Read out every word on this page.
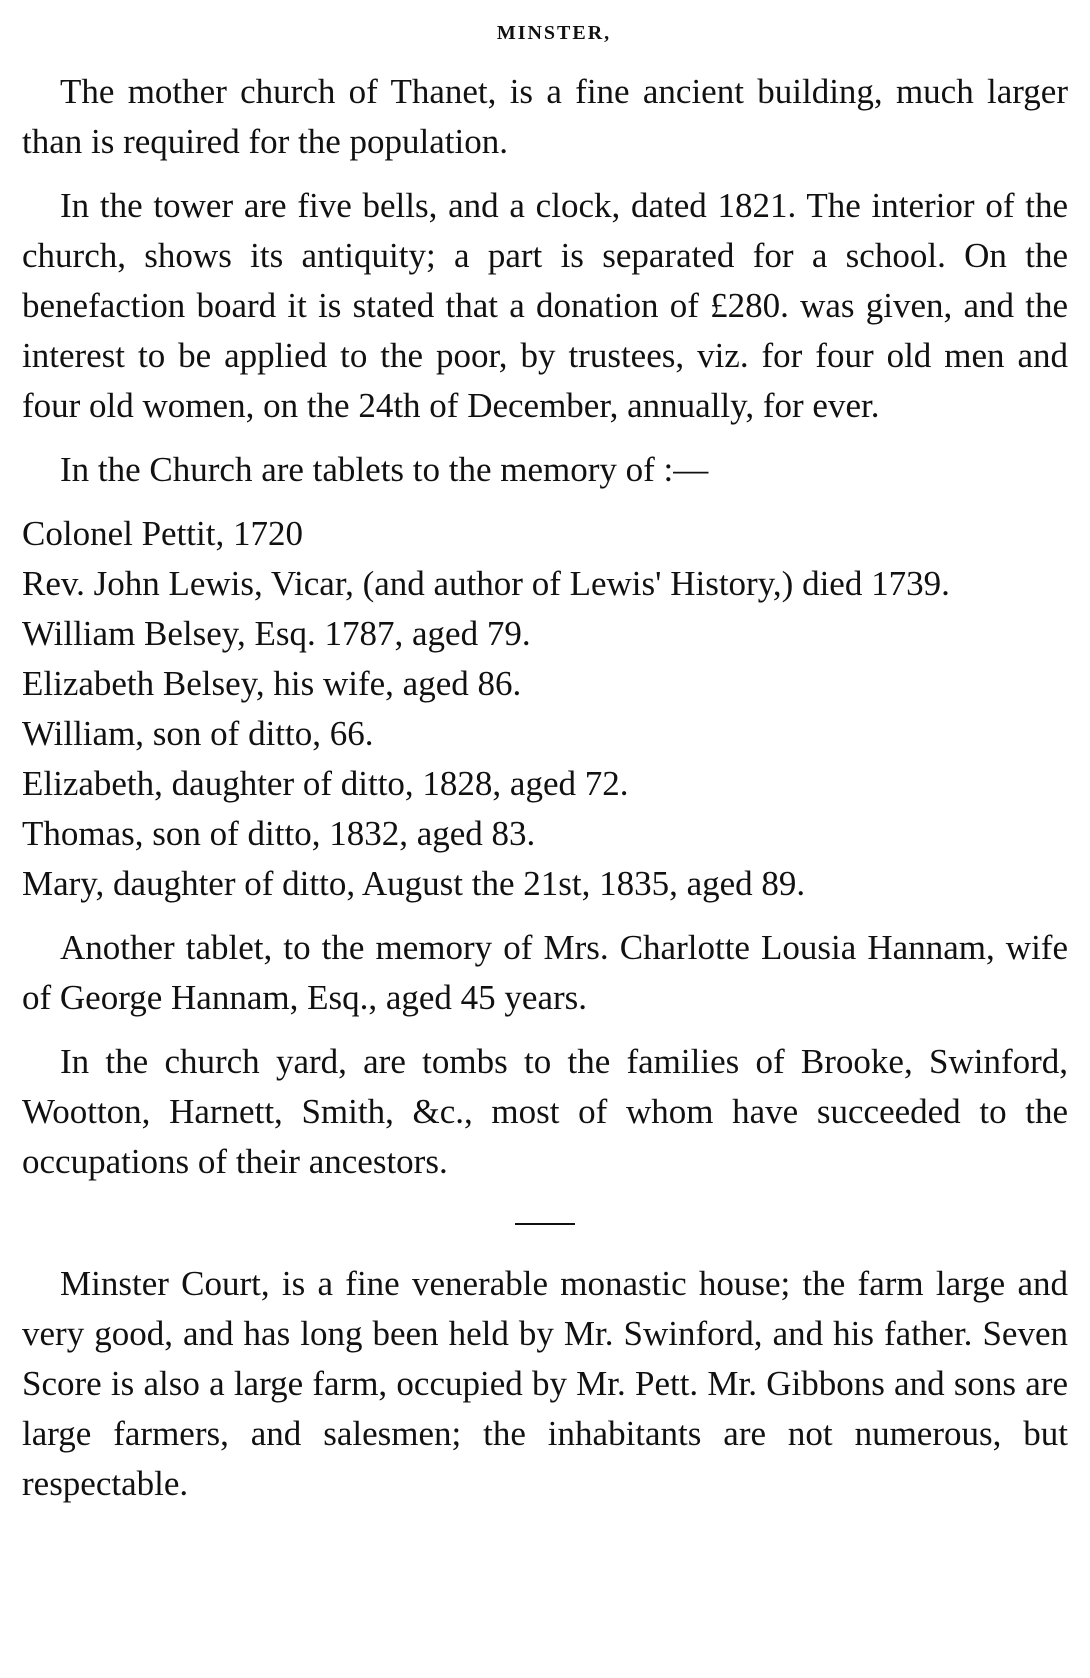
MINSTER,

The mother church of Thanet, is a fine ancient building, much larger than is required for the population.

In the tower are five bells, and a clock, dated 1821. The interior of the church, shows its antiquity; a part is separated for a school. On the benefaction board it is stated that a donation of £280. was given, and the interest to be applied to the poor, by trustees, viz. for four old men and four old women, on the 24th of December, annually, for ever.

In the Church are tablets to the memory of :—

Colonel Pettit, 1720
Rev. John Lewis, Vicar, (and author of Lewis' History,) died 1739.
William Belsey, Esq. 1787, aged 79.
Elizabeth Belsey, his wife, aged 86.
William, son of ditto, 66.
Elizabeth, daughter of ditto, 1828, aged 72.
Thomas, son of ditto, 1832, aged 83.
Mary, daughter of ditto, August the 21st, 1835, aged 89.

Another tablet, to the memory of Mrs. Charlotte Lousia Hannam, wife of George Hannam, Esq., aged 45 years.

In the church yard, are tombs to the families of Brooke, Swinford, Wootton, Harnett, Smith, &c., most of whom have succeeded to the occupations of their ancestors.

Minster Court, is a fine venerable monastic house; the farm large and very good, and has long been held by Mr. Swinford, and his father. Seven Score is also a large farm, occupied by Mr. Pett. Mr. Gibbons and sons are large farmers, and salesmen; the inhabitants are not numerous, but respectable.
